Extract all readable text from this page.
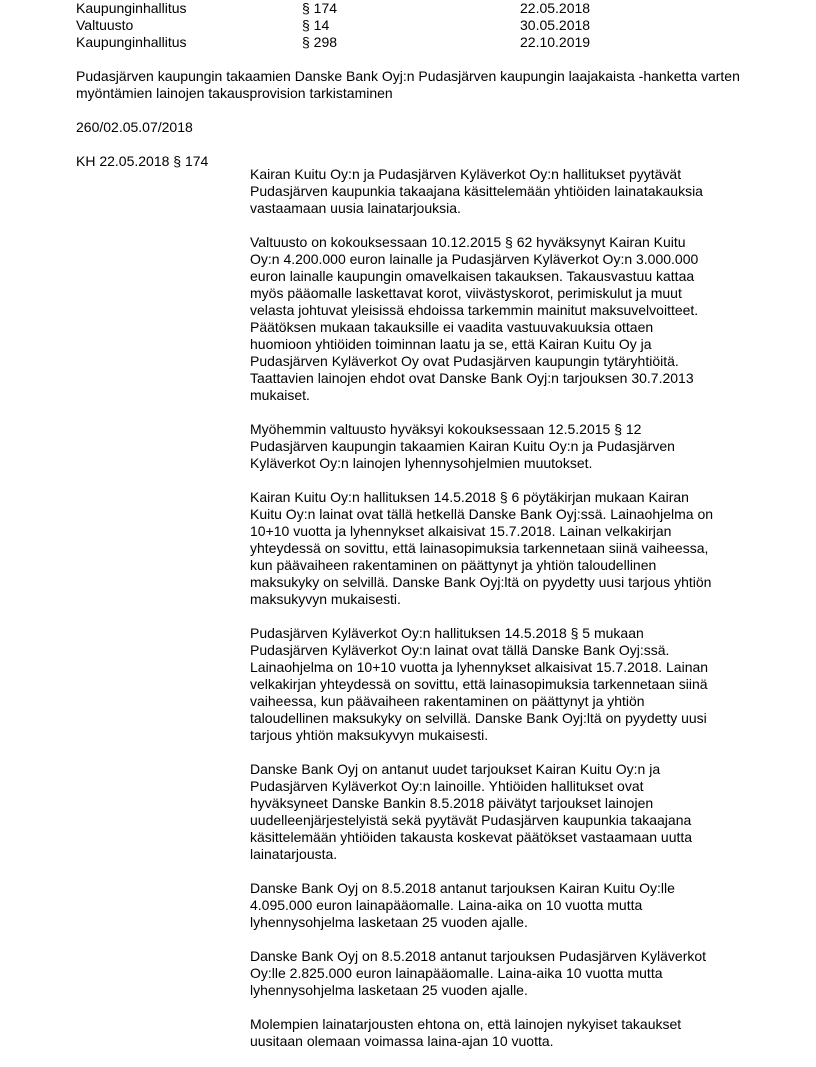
Kaupunginhallitus	§ 174	22.05.2018
Valtuusto	§ 14	30.05.2018
Kaupunginhallitus	§ 298	22.10.2019
Pudasjärven kaupungin takaamien Danske Bank Oyj:n Pudasjärven kaupungin laajakaista -hanketta varten myöntämien lainojen takausprovision tarkistaminen
260/02.05.07/2018
KH 22.05.2018 § 174

Kairan Kuitu Oy:n ja Pudasjärven Kyläverkot Oy:n hallitukset pyytävät
Pudasjärven kaupunkia takaajana käsittelemään yhtiöiden lainatakauksia
vastaamaan uusia lainatarjouksia.

Valtuusto on kokouksessaan 10.12.2015 § 62 hyväksynyt Kairan Kuitu
Oy:n 4.200.000 euron lainalle ja Pudasjärven Kyläverkot Oy:n 3.000.000
euron lainalle kaupungin omavelkaisen takauksen. Takausvastuu kattaa
myös pääomalle laskettavat korot, viivästyskorot, perimiskulut ja muut
velasta johtuvat yleisissä ehdoissa tarkemmin mainitut maksuvelvoitteet.
Päätöksen mukaan takauksille ei vaadita vastuuvakuuksia ottaen
huomioon yhtiöiden toiminnan laatu ja se, että Kairan Kuitu Oy ja
Pudasjärven Kyläverkot Oy ovat Pudasjärven kaupungin tytäryhtiöitä.
Taattavien lainojen ehdot ovat Danske Bank Oyj:n tarjouksen 30.7.2013
mukaiset.

Myöhemmin valtuusto hyväksyi kokouksessaan 12.5.2015 § 12
Pudasjärven kaupungin takaamien Kairan Kuitu Oy:n ja Pudasjärven
Kyläverkot Oy:n lainojen lyhennysohjelmien muutokset.

Kairan Kuitu Oy:n hallituksen 14.5.2018 § 6 pöytäkirjan mukaan Kairan
Kuitu Oy:n lainat ovat tällä hetkellä Danske Bank Oyj:ssä. Lainaohjelma on
10+10 vuotta ja lyhennykset alkaisivat 15.7.2018. Lainan velkakirjan
yhteydessä on sovittu, että lainasopimuksia tarkennetaan siinä vaiheessa,
kun päävaiheen rakentaminen on päättynyt ja yhtiön taloudellinen
maksukyky on selvillä. Danske Bank Oyj:ltä on pyydetty uusi tarjous yhtiön
maksukyvyn mukaisesti.

Pudasjärven Kyläverkot Oy:n hallituksen 14.5.2018 § 5 mukaan
Pudasjärven Kyläverkot Oy:n lainat ovat tällä Danske Bank Oyj:ssä.
Lainaohjelma on 10+10 vuotta ja lyhennykset alkaisivat 15.7.2018. Lainan
velkakirjan yhteydessä on sovittu, että lainasopimuksia tarkennetaan siinä
vaiheessa, kun päävaiheen rakentaminen on päättynyt ja yhtiön
taloudellinen maksukyky on selvillä. Danske Bank Oyj:ltä on pyydetty uusi
tarjous yhtiön maksukyvyn mukaisesti.

Danske Bank Oyj on antanut uudet tarjoukset Kairan Kuitu Oy:n ja
Pudasjärven Kyläverkot Oy:n lainoille. Yhtiöiden hallitukset ovat
hyväksyneet Danske Bankin 8.5.2018 päivätyt tarjoukset lainojen
uudelleenjärjestelyistä sekä pyytävät Pudasjärven kaupunkia takaajana
käsittelemään yhtiöiden takausta koskevat päätökset vastaamaan uutta
lainatarjousta.

Danske Bank Oyj on 8.5.2018 antanut tarjouksen Kairan Kuitu Oy:lle
4.095.000 euron lainapääomalle. Laina-aika on 10 vuotta mutta
lyhennysohjelma lasketaan 25 vuoden ajalle.

Danske Bank Oyj on 8.5.2018 antanut tarjouksen Pudasjärven Kyläverkot
Oy:lle 2.825.000 euron lainapääomalle. Laina-aika 10 vuotta mutta
lyhennysohjelma lasketaan 25 vuoden ajalle.

Molempien lainatarjousten ehtona on, että lainojen nykyiset takaukset
uusitaan olemaan voimassa laina-ajan 10 vuotta.
